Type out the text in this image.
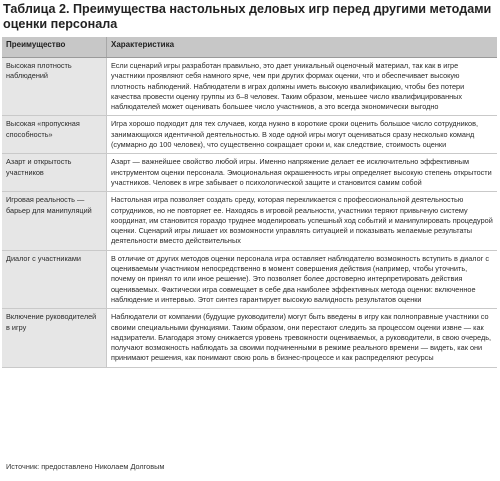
Таблица 2. Преимущества настольных деловых игр перед другими методами оценки персонала
Преимущество	Характеристика
Высокая плотность наблюдений	Если сценарий игры разработан правильно, это дает уникальный оценочный материал, так как в игре участники проявляют себя намного ярче, чем при других формах оценки, что и обеспечивает высокую плотность наблюдений. Наблюдатели в играх должны иметь высокую квалификацию, чтобы без потери качества провести оценку группы из 6–8 человек. Таким образом, меньшее число квалифицированных наблюдателей может оценивать большее число участников, а это всегда экономически выгодно
Высокая «пропускная способность»	Игра хорошо подходит для тех случаев, когда нужно в короткие сроки оценить большое число сотрудников, занимающихся идентичной деятельностью. В ходе одной игры могут оцениваться сразу несколько команд (суммарно до 100 человек), что существенно сокращает сроки и, как следствие, стоимость оценки
Азарт и открытость участников	Азарт — важнейшее свойство любой игры. Именно напряжение делает ее исключительно эффективным инструментом оценки персонала. Эмоциональная окрашенность игры определяет высокую степень открытости участников. Человек в игре забывает о психологической защите и становится самим собой
Игровая реальность — барьер для манипуляций	Настольная игра позволяет создать среду, которая перекликается с профессиональной деятельностью сотрудников, но не повторяет ее. Находясь в игровой реальности, участники теряют привычную систему координат, им становится гораздо труднее моделировать успешный ход событий и манипулировать процедурой оценки. Сценарий игры лишает их возможности управлять ситуацией и показывать желаемые результаты деятельности вместо действительных
Диалог с участниками	В отличие от других методов оценки персонала игра оставляет наблюдателю возможность вступить в диалог с оцениваемым участником непосредственно в момент совершения действия (например, чтобы уточнить, почему он принял то или иное решение). Это позволяет более достоверно интерпретировать действия оцениваемых. Фактически игра совмещает в себе два наиболее эффективных метода оценки: включенное наблюдение и интервью. Этот синтез гарантирует высокую валидность результатов оценки
Включение руководителей в игру	Наблюдатели от компании (будущие руководители) могут быть введены в игру как полноправные участники со своими специальными функциями. Таким образом, они перестают следить за процессом оценки извне — как надзиратели. Благодаря этому снижается уровень тревожности оцениваемых, а руководители, в свою очередь, получают возможность наблюдать за своими подчиненными в режиме реального времени — видеть, как они принимают решения, как понимают свою роль в бизнес-процессе и как распределяют ресурсы
Источник: предоставлено Николаем Долговым
